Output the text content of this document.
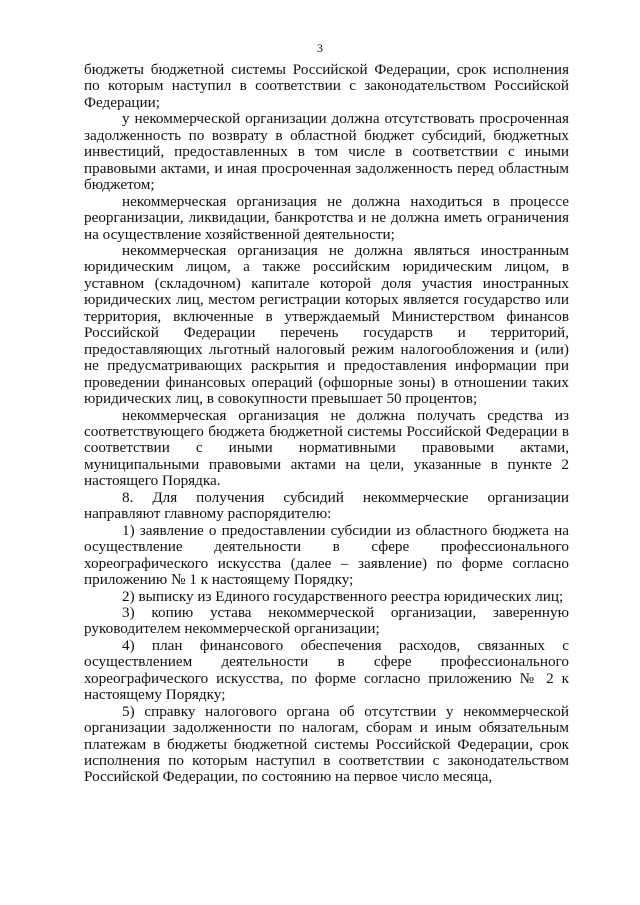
3

бюджеты бюджетной системы Российской Федерации, срок исполнения по которым наступил в соответствии с законодательством Российской Федерации;

у некоммерческой организации должна отсутствовать просроченная задолженность по возврату в областной бюджет субсидий, бюджетных инвестиций, предоставленных в том числе в соответствии с иными правовыми актами, и иная просроченная задолженность перед областным бюджетом;

некоммерческая организация не должна находиться в процессе реорганизации, ликвидации, банкротства и не должна иметь ограничения на осуществление хозяйственной деятельности;

некоммерческая организация не должна являться иностранным юридическим лицом, а также российским юридическим лицом, в уставном (складочном) капитале которой доля участия иностранных юридических лиц, местом регистрации которых является государство или территория, включенные в утверждаемый Министерством финансов Российской Федерации перечень государств и территорий, предоставляющих льготный налоговый режим налогообложения и (или) не предусматривающих раскрытия и предоставления информации при проведении финансовых операций (офшорные зоны) в отношении таких юридических лиц, в совокупности превышает 50 процентов;

некоммерческая организация не должна получать средства из соответствующего бюджета бюджетной системы Российской Федерации в соответствии с иными нормативными правовыми актами, муниципальными правовыми актами на цели, указанные в пункте 2 настоящего Порядка.

8. Для получения субсидий некоммерческие организации направляют главному распорядителю:

1) заявление о предоставлении субсидии из областного бюджета на осуществление деятельности в сфере профессионального хореографического искусства (далее – заявление) по форме согласно приложению № 1 к настоящему Порядку;

2) выписку из Единого государственного реестра юридических лиц;

3) копию устава некоммерческой организации, заверенную руководителем некоммерческой организации;

4) план финансового обеспечения расходов, связанных с осуществлением деятельности в сфере профессионального хореографического искусства, по форме согласно приложению № 2 к настоящему Порядку;

5) справку налогового органа об отсутствии у некоммерческой организации задолженности по налогам, сборам и иным обязательным платежам в бюджеты бюджетной системы Российской Федерации, срок исполнения по которым наступил в соответствии с законодательством Российской Федерации, по состоянию на первое число месяца,
